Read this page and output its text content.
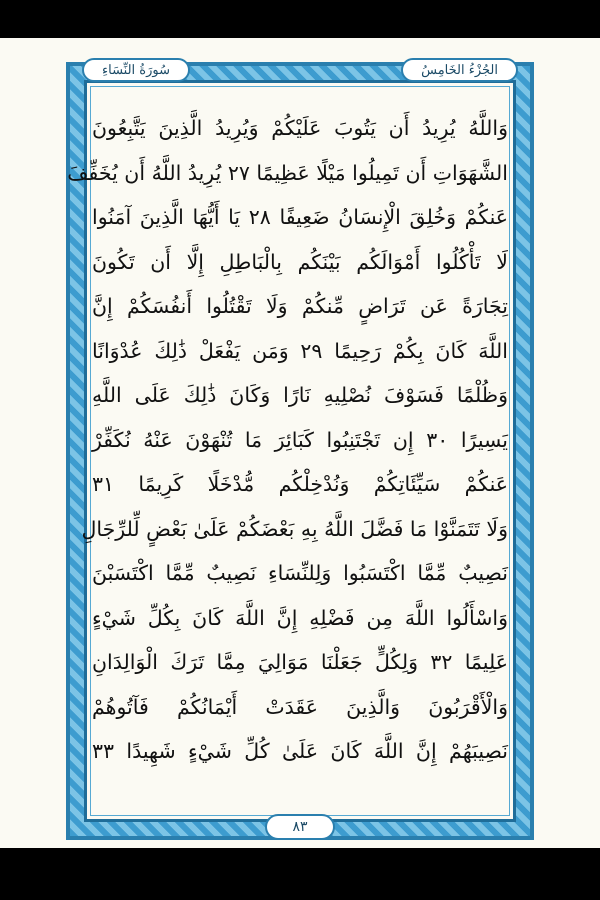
الجُزْءُ الخَامِسُ
سُورَةُ النِّسَاءِ
وَاللَّهُ يُرِيدُ أَن يَتُوبَ عَلَيْكُمْ وَيُرِيدُ الَّذِينَ يَتَّبِعُونَ
الشَّهَوَاتِ أَن تَمِيلُوا مَيْلًا عَظِيمًا ٢٧ يُرِيدُ اللَّهُ أَن يُخَفِّفَ
عَنكُمْ وَخُلِقَ الْإِنسَانُ ضَعِيفًا ٢٨ يَا أَيُّهَا الَّذِينَ آمَنُوا
لَا تَأْكُلُوا أَمْوَالَكُم بَيْنَكُم بِالْبَاطِلِ إِلَّا أَن تَكُونَ
تِجَارَةً عَن تَرَاضٍ مِّنكُمْ وَلَا تَقْتُلُوا أَنفُسَكُمْ إِنَّ
اللَّهَ كَانَ بِكُمْ رَحِيمًا ٢٩ وَمَن يَفْعَلْ ذَٰلِكَ عُدْوَانًا
وَظُلْمًا فَسَوْفَ نُصْلِيهِ نَارًا وَكَانَ ذَٰلِكَ عَلَى اللَّهِ
يَسِيرًا ٣٠ إِن تَجْتَنِبُوا كَبَائِرَ مَا تُنْهَوْنَ عَنْهُ نُكَفِّرْ
عَنكُمْ سَيِّئَاتِكُمْ وَنُدْخِلْكُم مُّدْخَلًا كَرِيمًا ٣١
وَلَا تَتَمَنَّوْا مَا فَضَّلَ اللَّهُ بِهِ بَعْضَكُمْ عَلَىٰ بَعْضٍ لِّلرِّجَالِ
نَصِيبٌ مِّمَّا اكْتَسَبُوا وَلِلنِّسَاءِ نَصِيبٌ مِّمَّا اكْتَسَبْنَ
وَاسْأَلُوا اللَّهَ مِن فَضْلِهِ إِنَّ اللَّهَ كَانَ بِكُلِّ شَيْءٍ
عَلِيمًا ٣٢ وَلِكُلٍّ جَعَلْنَا مَوَالِيَ مِمَّا تَرَكَ الْوَالِدَانِ
وَالْأَقْرَبُونَ وَالَّذِينَ عَقَدَتْ أَيْمَانُكُمْ فَآتُوهُمْ
نَصِيبَهُمْ إِنَّ اللَّهَ كَانَ عَلَىٰ كُلِّ شَيْءٍ شَهِيدًا ٣٣
٨٣
